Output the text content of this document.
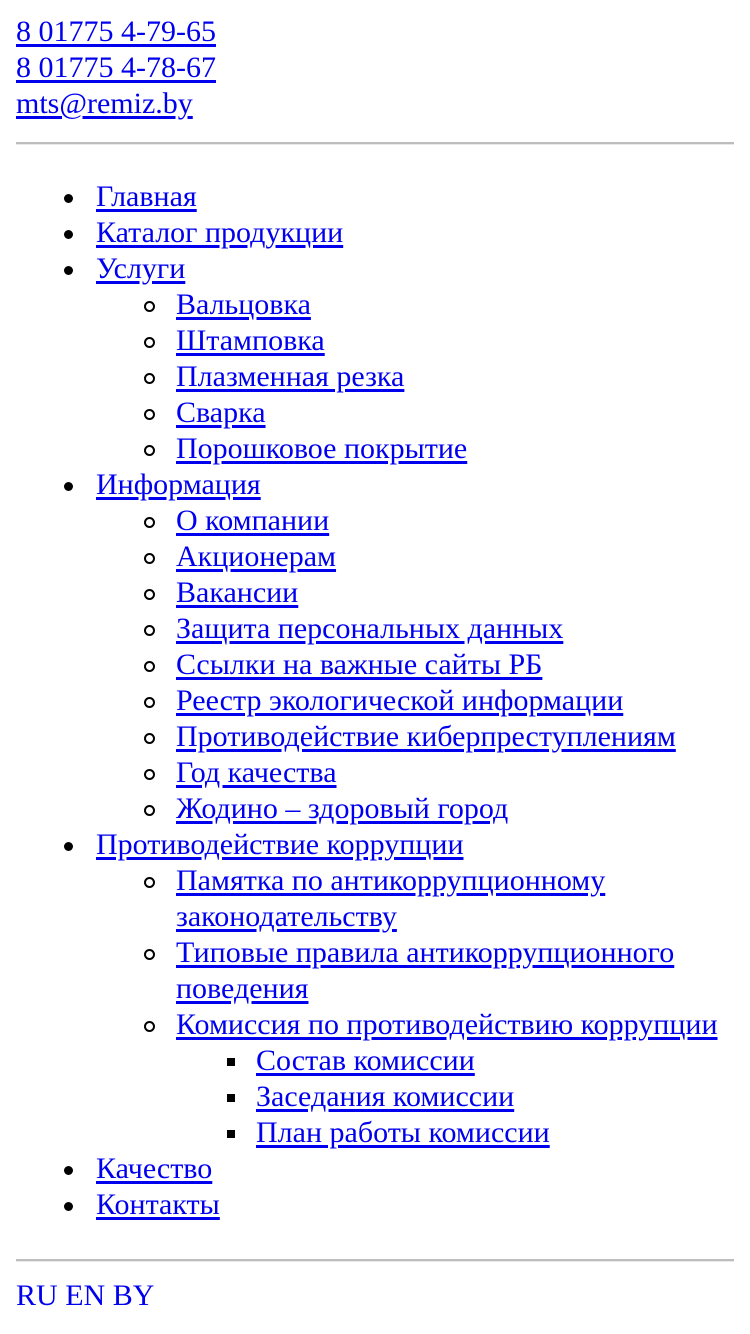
8 01775 4-79-65
8 01775 4-78-67
mts@remiz.by
Главная
Каталог продукции
Услуги
Вальцовка
Штамповка
Плазменная резка
Сварка
Порошковое покрытие
Информация
О компании
Акционерам
Вакансии
Защита персональных данных
Ссылки на важные сайты РБ
Реестр экологической информации
Противодействие киберпреступлениям
Год качества
Жодино – здоровый город
Противодействие коррупции
Памятка по антикоррупционному законодательству
Типовые правила антикоррупционного поведения
Комиссия по противодействию коррупции
Состав комиссии
Заседания комиссии
План работы комиссии
Качество
Контакты
RU EN BY
